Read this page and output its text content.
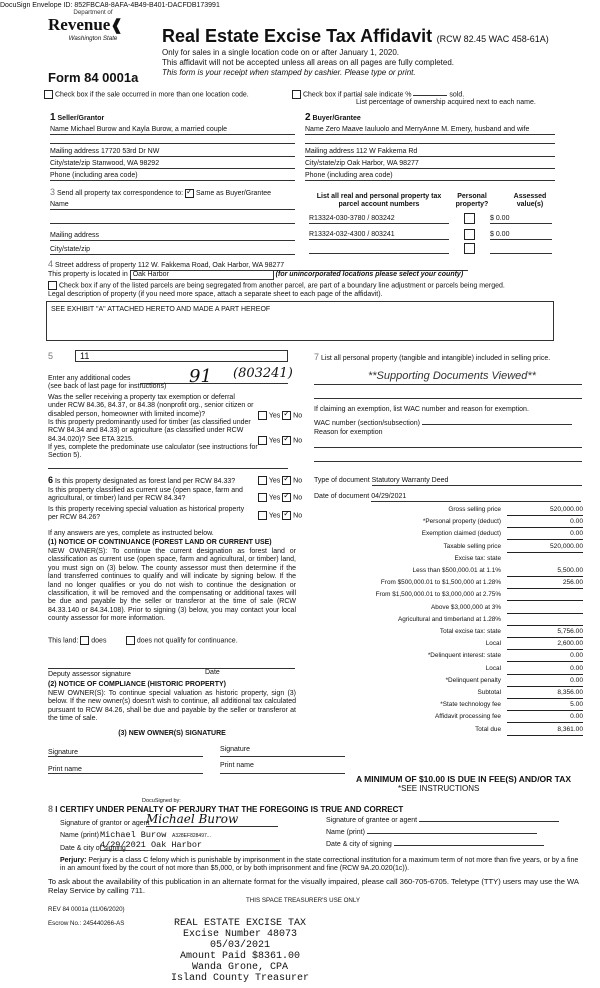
DocuSign Envelope ID: 852FBCA8-8AFA-4B49-B401-DACFDB173991
Department of
Revenue❰
Washington State
Form 84 0001a
Real Estate Excise Tax Affidavit (RCW 82.45 WAC 458-61A)
Only for sales in a single location code on or after January 1, 2020.
This affidavit will not be accepted unless all areas on all pages are fully completed.
This form is your receipt when stamped by cashier. Please type or print.
Check box if the sale occurred in more than one location code.	Check box if partial sale indicate %	sold.
List percentage of ownership acquired next to each name.
1 Seller/Grantor
Name Michael Burow and Kayla Burow, a married couple
Mailing address 17720 53rd Dr NW
City/state/zip Stanwood, WA 98292
Phone (including area code)
2 Buyer/Grantee
Name Zero Maave Iauluolo and MerryAnne M. Emery, husband and wife
Mailing address 112 W Fakkema Rd
City/state/zip Oak Harbor, WA 98277
Phone (including area code)
3 Send all property tax correspondence to: ✓ Same as Buyer/Grantee
Name
Mailing address
City/state/zip
List all real and personal property tax parcel account numbers
Personal property?
Assessed value(s)
R13324-030-3780 / 803242	$ 0.00
R13324-032-4300 / 803241	$ 0.00
4 Street address of property 112 W. Fakkema Road, Oak Harbor, WA 98277
This property is located in Oak Harbor	(for unincorporated locations please select your county)
Check box if any of the listed parcels are being segregated from another parcel, are part of a boundary line adjustment or parcels being merged.
Legal description of property (if you need more space, attach a separate sheet to each page of the affidavit).
SEE EXHIBIT "A" ATTACHED HERETO AND MADE A PART HEREOF
5	11
91 (803241)
Enter any additional codes
(see back of last page for instructions)
Was the seller receiving a property tax exemption or deferral under RCW 84.36, 84.37, or 84.38 (nonprofit org., senior citizen or disabled person, homeowner with limited income)?	Yes ✓ No
Is this property predominantly used for timber (as classified under RCW 84.34 and 84.33) or agriculture (as classified under RCW 84.34.020)? See ETA 3215.	Yes ✓ No
If yes, complete the predominate use calculator (see instructions for Section 5).
6 Is this property designated as forest land per RCW 84.33?	Yes ✓ No
Is this property classified as current use (open space, farm and agricultural, or timber) land per RCW 84.34?	Yes ✓ No
Is this property receiving special valuation as historical property per RCW 84.26?	Yes ✓ No
If any answers are yes, complete as instructed below.
(1) NOTICE OF CONTINUANCE (FOREST LAND OR CURRENT USE)
NEW OWNER(S): To continue the current designation as forest land or classification as current use (open space, farm and agricultural, or timber) land, you must sign on (3) below. The county assessor must then determine if the land transferred continues to qualify and will indicate by signing below. If the land no longer qualifies or you do not wish to continue the designation or classification, it will be removed and the compensating or additional taxes will be due and payable by the seller or transferor at the time of sale (RCW 84.33.140 or 84.34.108). Prior to signing (3) below, you may contact your local county assessor for more information.
This land: does	does not qualify for continuance.
Deputy assessor signature	Date
(2) NOTICE OF COMPLIANCE (HISTORIC PROPERTY)
NEW OWNER(S): To continue special valuation as historic property, sign (3) below. If the new owner(s) doesn't wish to continue, all additional tax calculated pursuant to RCW 84.26, shall be due and payable by the seller or transferor at the time of sale.
(3) NEW OWNER(S) SIGNATURE
Signature	Signature
Print name
Print name
7 List all personal property (tangible and intangible) included in selling price.
**Supporting Documents Viewed**
If claiming an exemption, list WAC number and reason for exemption.
WAC number (section/subsection)
Reason for exemption
Type of document Statutory Warranty Deed
Date of document 04/29/2021
Gross selling price	520,000.00
*Personal property (deduct)	0.00
Exemption claimed (deduct)	0.00
Taxable selling price	520,000.00
Excise tax: state
Less than $500,000.01 at 1.1%	5,500.00
From $500,000.01 to $1,500,000 at 1.28%	256.00
From $1,500,000.01 to $3,000,000 at 2.75%
Above $3,000,000 at 3%
Agricultural and timberland at 1.28%
Total excise tax: state	5,756.00
Local	2,600.00
*Delinquent interest: state	0.00
Local	0.00
*Delinquent penalty	0.00
Subtotal	8,356.00
*State technology fee	5.00
Affidavit processing fee	0.00
Total due	8,361.00
A MINIMUM OF $10.00 IS DUE IN FEE(S) AND/OR TAX
*SEE INSTRUCTIONS
DocuSigned by:
8 I CERTIFY UNDER PENALTY OF PERJURY THAT THE FOREGOING IS TRUE AND CORRECT
Signature of grantor or agent
Michael Burow
Name (print) Michael Burow A328EF828497...
Date & city of signing
4/29/2021 Oak Harbor
Signature of grantee or agent
Name (print)
Date & city of signing
Perjury: Perjury is a class C felony which is punishable by imprisonment in the state correctional institution for a maximum term of not more than five years, or by a fine in an amount fixed by the court of not more than $5,000, or by both imprisonment and fine (RCW 9A.20.020(1c)).
To ask about the availability of this publication in an alternate format for the visually impaired, please call 360-705-6705. Teletype (TTY) users may use the WA Relay Service by calling 711.
REV 84 0001a (11/06/2020)
THIS SPACE TREASURER'S USE ONLY
Escrow No.: 245440266-AS	REAL ESTATE EXCISE TAX
Excise Number 48073
05/03/2021
Amount Paid $8361.00
Wanda Grone, CPA
Island County Treasurer
